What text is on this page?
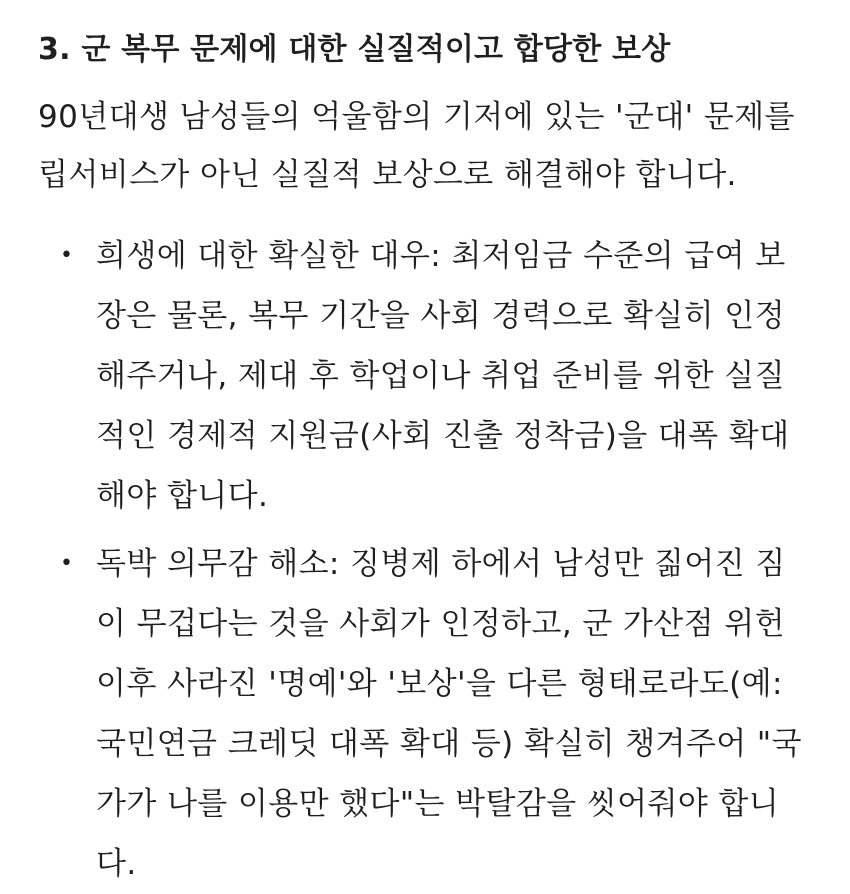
3. 군 복무 문제에 대한 실질적이고 합당한 보상

90년대생 남성들의 억울함의 기저에 있는 '군대' 문제를 립서비스가 아닌 실질적 보상으로 해결해야 합니다.

• 희생에 대한 확실한 대우: 최저임금 수준의 급여 보장은 물론, 복무 기간을 사회 경력으로 확실히 인정해주거나, 제대 후 학업이나 취업 준비를 위한 실질적인 경제적 지원금(사회 진출 정착금)을 대폭 확대해야 합니다.
• 독박 의무감 해소: 징병제 하에서 남성만 짊어진 짐이 무겁다는 것을 사회가 인정하고, 군 가산점 위헌 이후 사라진 '명예'와 '보상'을 다른 형태로라도(예: 국민연금 크레딧 대폭 확대 등) 확실히 챙겨주어 "국가가 나를 이용만 했다"는 박탈감을 씻어줘야 합니다.
